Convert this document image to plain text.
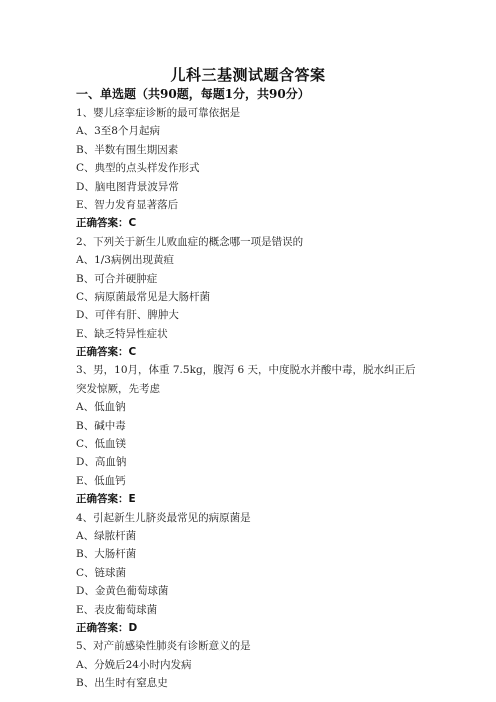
儿科三基测试题含答案
一、单选题（共90题，每题1分，共90分）
1、婴儿痉挛症诊断的最可靠依据是
A、3至8个月起病
B、半数有围生期因素
C、典型的点头样发作形式
D、脑电图背景波异常
E、智力发育显著落后
正确答案：C
2、下列关于新生儿败血症的概念哪一项是错误的
A、1/3病例出现黄疸
B、可合并硬肿症
C、病原菌最常见是大肠杆菌
D、可伴有肝、脾肿大
E、缺乏特异性症状
正确答案：C
3、男，10月，体重 7.5kg，腹泻 6 天，中度脱水并酸中毒，脱水纠正后
突发惊厥，先考虑
A、低血钠
B、碱中毒
C、低血镁
D、高血钠
E、低血钙
正确答案：E
4、引起新生儿脐炎最常见的病原菌是
A、绿脓杆菌
B、大肠杆菌
C、链球菌
D、金黄色葡萄球菌
E、表皮葡萄球菌
正确答案：D
5、对产前感染性肺炎有诊断意义的是
A、分娩后24小时内发病
B、出生时有窒息史
